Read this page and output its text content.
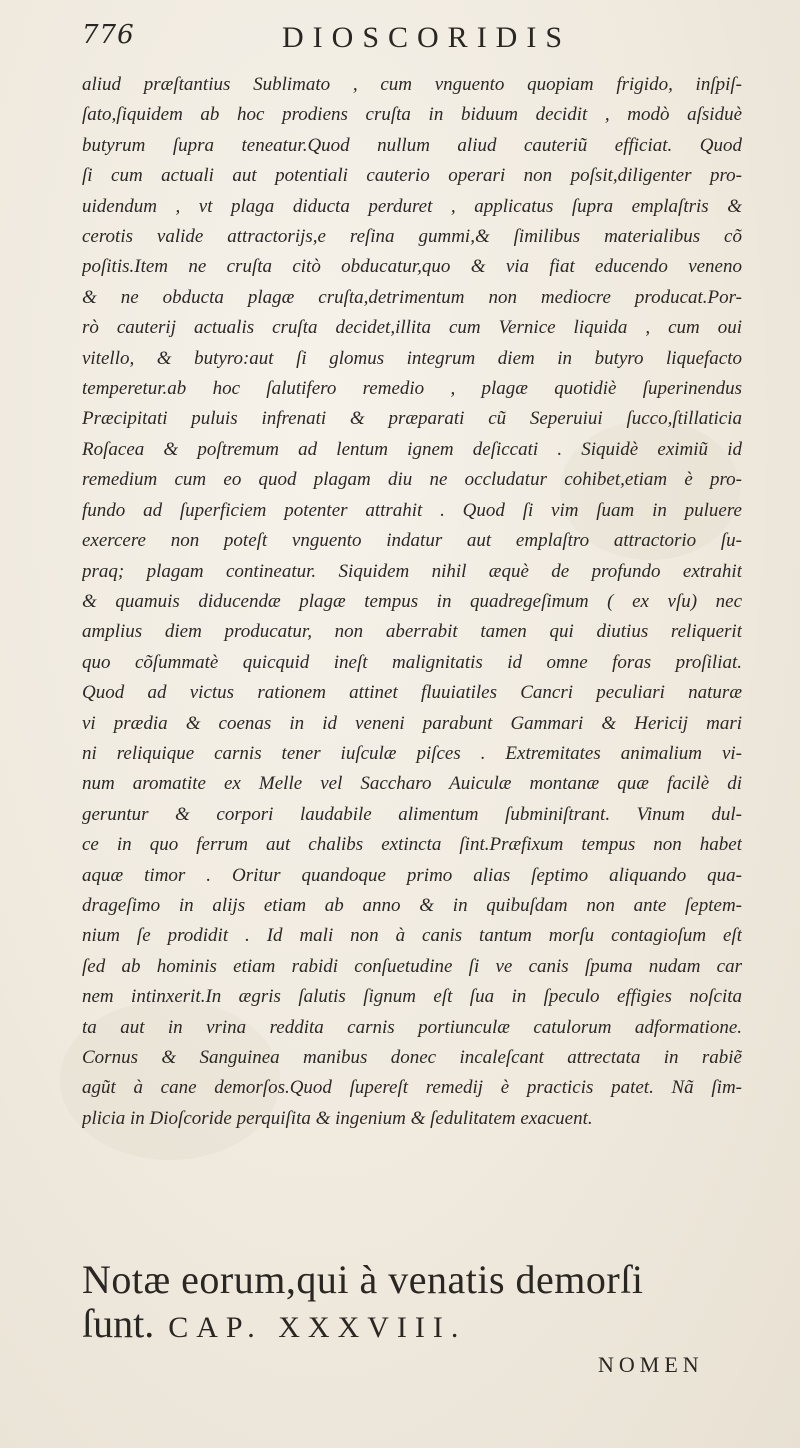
776	DIOSCORIDIS
aliud præſtantius Sublimato , cum vnguento quopiam frigido, inſpiſ-
ſato,ſiquidem ab hoc prodiens cruſta in biduum decidit , modò aſsiduè
butyrum ſupra teneatur.Quod nullum aliud cauteriũ efficiat. Quod
ſi cum actuali aut potentiali cauterio operari non poſsit,diligenter pro-
uidendum , vt plaga diducta perduret , applicatus ſupra emplaſtris &
cerotis valide attractorijs,e reſina gummi,& ſimilibus materialibus cõ
poſitis.Item ne cruſta citò obducatur,quo & via fiat educendo veneno
& ne obducta plagæ cruſta,detrimentum non mediocre producat.Por-
rò cauterij actualis cruſta decidet,illita cum Vernice liquida , cum oui
vitello, & butyro:aut ſi glomus integrum diem in butyro liquefacto
temperetur.ab hoc ſalutifero remedio , plagæ quotidiè ſuperinendus
Præcipitati puluis infrenati & præparati cũ Seperuiui ſucco,ſtillaticia
Roſacea & poſtremum ad lentum ignem deſiccati . Siquidè eximiũ id
remedium cum eo quod plagam diu ne occludatur cohibet,etiam è pro-
fundo ad ſuperficiem potenter attrahit . Quod ſi vim ſuam in puluere
exercere non poteſt vnguento indatur aut emplaſtro attractorio ſu-
praq; plagam contineatur. Siquidem nihil æquè de profundo extrahit
& quamuis diducendæ plagæ tempus in quadregeſimum ( ex vſu) nec
amplius diem producatur, non aberrabit tamen qui diutius reliquerit
quo cõſummatè quicquid ineſt malignitatis id omne foras proſiliat.
Quod ad victus rationem attinet fluuiatiles Cancri peculiari naturæ
vi prædia & coenas in id veneni parabunt Gammari & Hericij mari
ni reliquique carnis tener iuſculæ piſces . Extremitates animalium vi-
num aromatite ex Melle vel Saccharo Auiculæ montanæ quæ facilè di
geruntur & corpori laudabile alimentum ſubminiſtrant. Vinum dul-
ce in quo ferrum aut chalibs extincta ſint.Præfixum tempus non habet
aquæ timor . Oritur quandoque primo alias ſeptimo aliquando qua-
drageſimo in alijs etiam ab anno & in quibuſdam non ante ſeptem-
nium ſe prodidit . Id mali non à canis tantum morſu contagioſum eſt
ſed ab hominis etiam rabidi conſuetudine ſi ve canis ſpuma nudam car
nem intinxerit.In ægris ſalutis ſignum eſt ſua in ſpeculo effigies noſcita
ta aut in vrina reddita carnis portiunculæ catulorum adformatione.
Cornus & Sanguinea manibus donec incaleſcant attrectata in rabiẽ
agũt à cane demorſos.Quod ſupereſt remedij è practicis patet. Nã ſim-
plicia in Dioſcoride perquiſita & ingenium & ſedulitatem exacuent.
Notæ eorum,qui à venatis demorſi
ſunt. CAP. XXXVIII.
NOMEN
